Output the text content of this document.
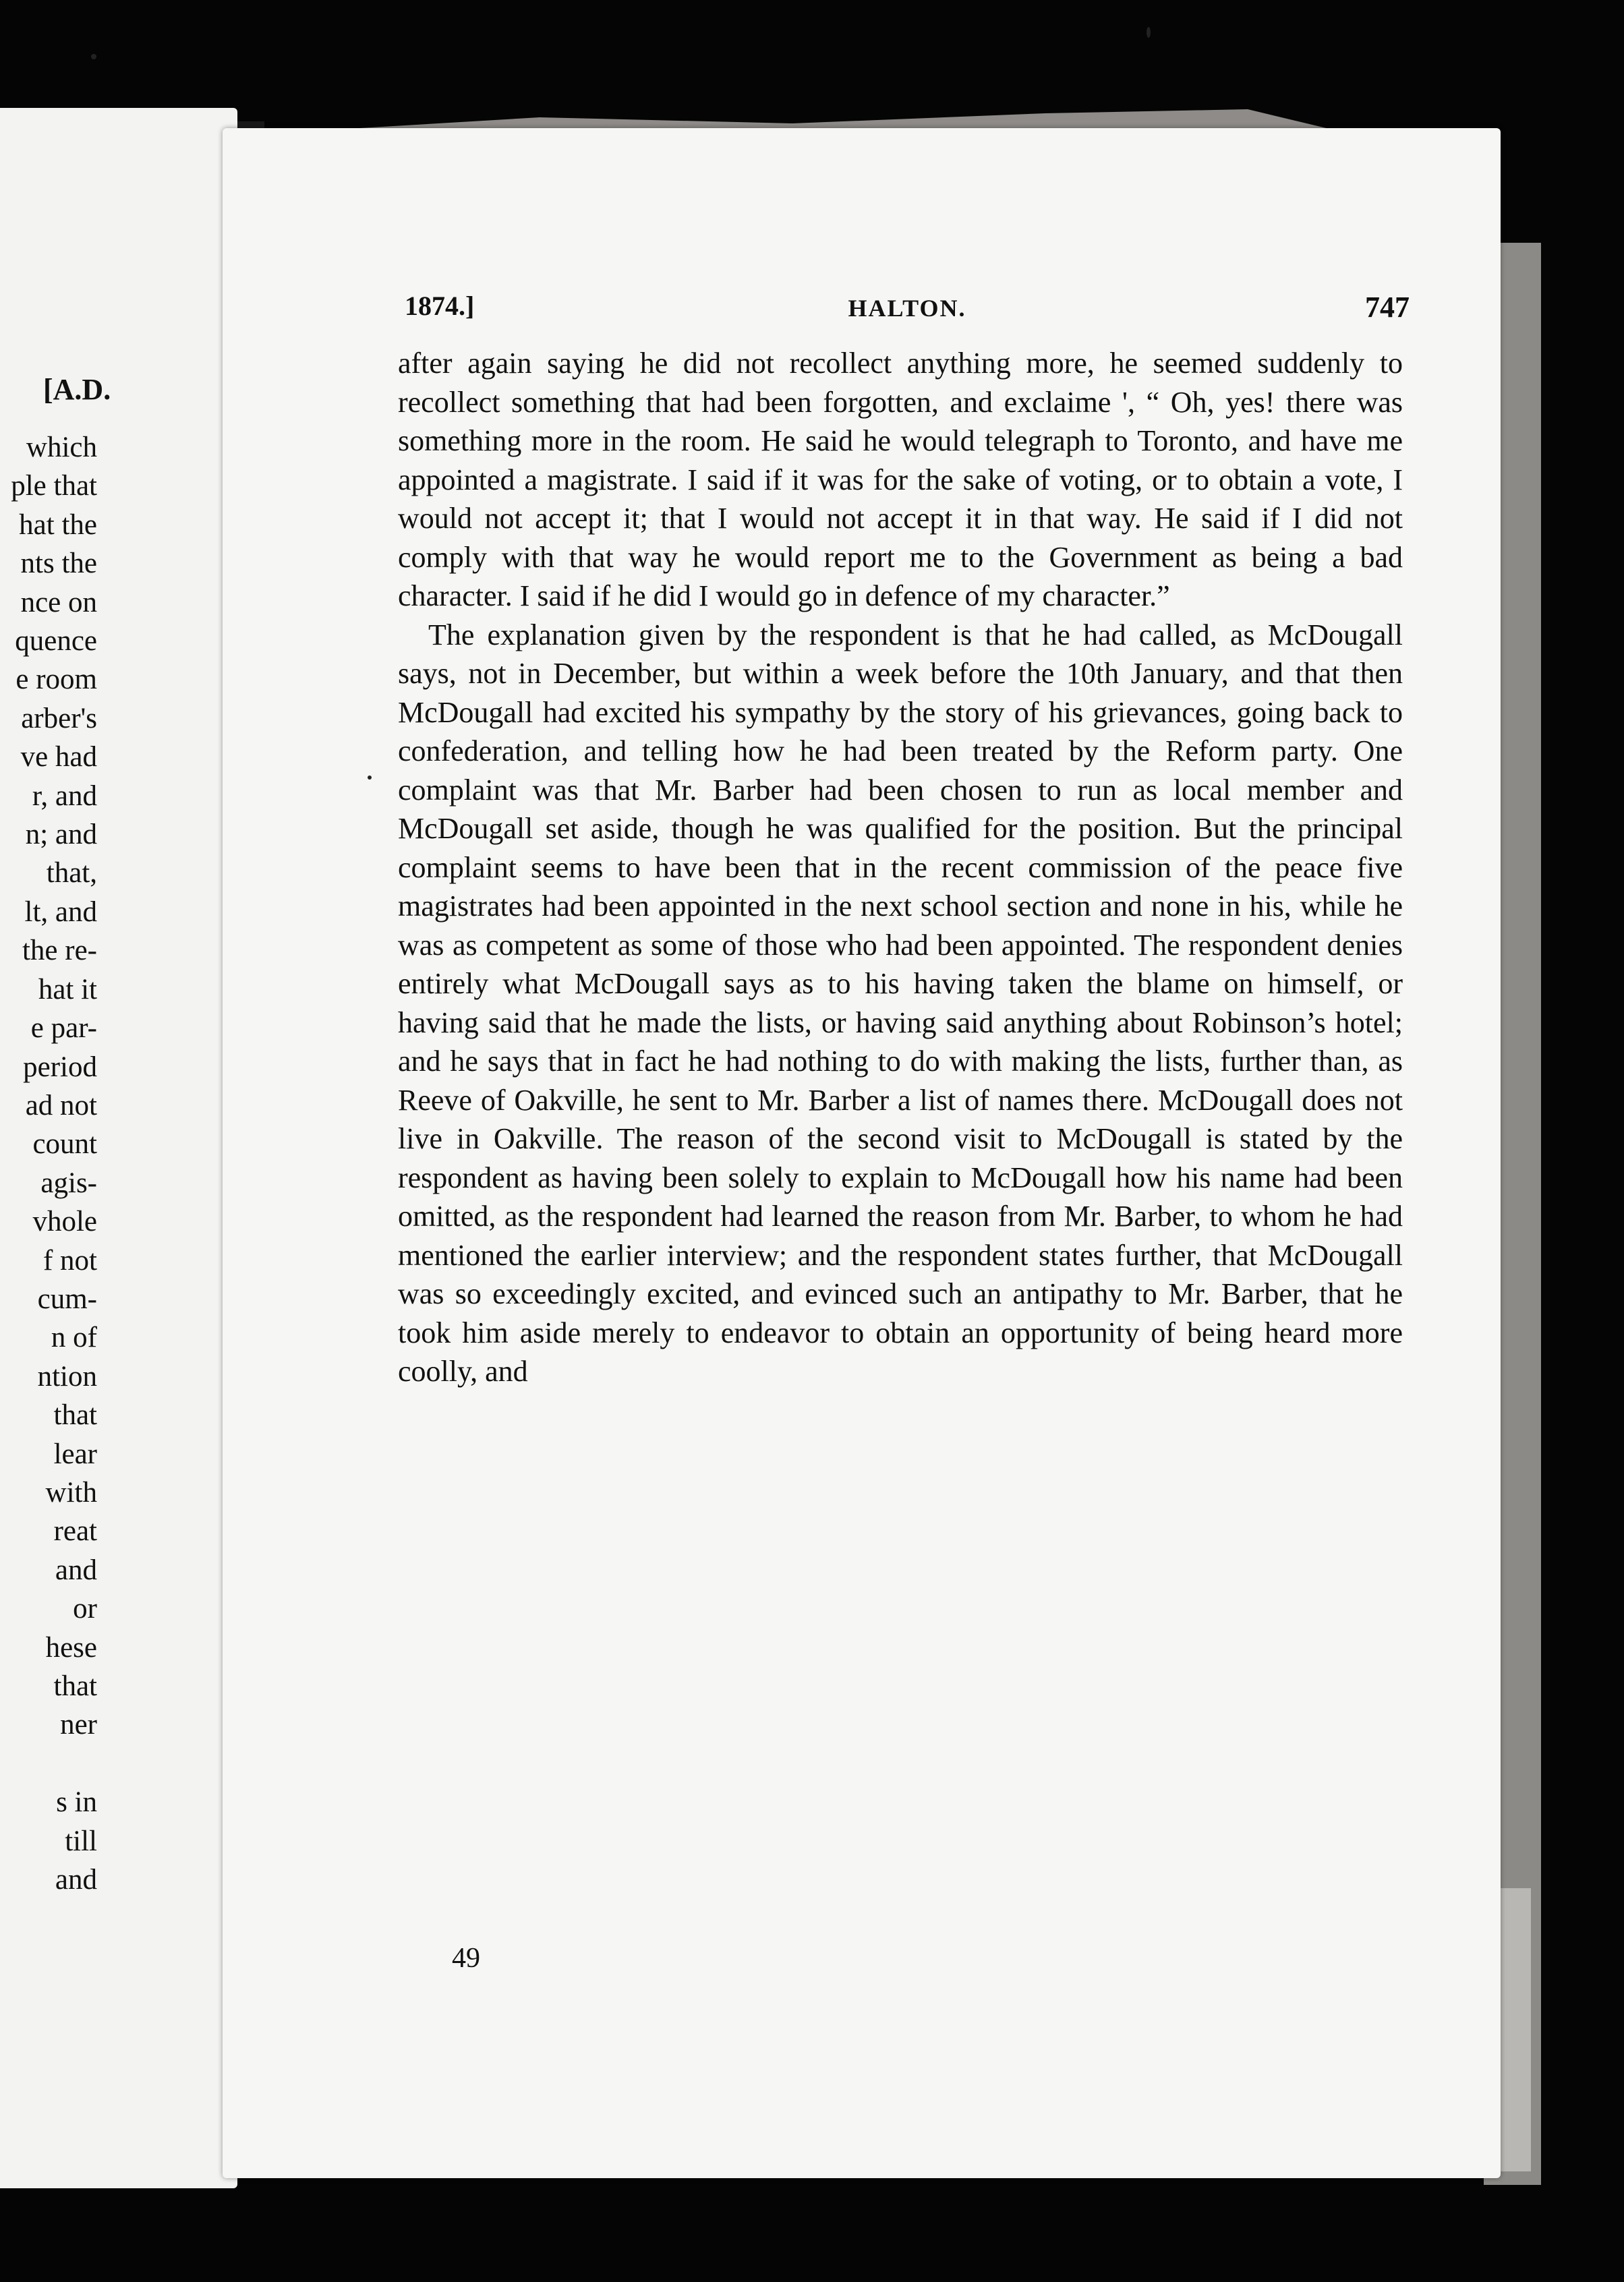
[A.D.
which
ple that
hat the
nts the
nce on
quence
e room
arber's
ve had
r, and
n; and
that,
lt, and
the re-
hat it
e par-
period
ad not
count
agis-
vhole
f not
cum-
n of
ntion
that
lear
with
reat
and
or
hese
that
ner

s in
till
and
1874.]	HALTON.	747

after again saying he did not recollect anything more, he seemed suddenly to recollect something that had been forgotten, and exclaime ', “ Oh, yes! there was something more in the room. He said he would telegraph to Toronto, and have me appointed a magistrate. I said if it was for the sake of voting, or to obtain a vote, I would not accept it; that I would not accept it in that way. He said if I did not comply with that way he would report me to the Government as being a bad character. I said if he did I would go in defence of my character.”

The explanation given by the respondent is that he had called, as McDougall says, not in December, but within a week before the 10th January, and that then McDougall had excited his sympathy by the story of his grievances, going back to confederation, and telling how he had been treated by the Reform party. One complaint was that Mr. Barber had been chosen to run as local member and McDougall set aside, though he was qualified for the position. But the principal complaint seems to have been that in the recent commission of the peace five magistrates had been appointed in the next school section and none in his, while he was as competent as some of those who had been appointed. The respondent denies entirely what McDougall says as to his having taken the blame on himself, or having said that he made the lists, or having said anything about Robinson’s hotel; and he says that in fact he had nothing to do with making the lists, further than, as Reeve of Oakville, he sent to Mr. Barber a list of names there. McDougall does not live in Oakville. The reason of the second visit to McDougall is stated by the respondent as having been solely to explain to McDougall how his name had been omitted, as the respondent had learned the reason from Mr. Barber, to whom he had mentioned the earlier interview; and the respondent states further, that McDougall was so exceedingly excited, and evinced such an antipathy to Mr. Barber, that he took him aside merely to endeavor to obtain an opportunity of being heard more coolly, and

49
